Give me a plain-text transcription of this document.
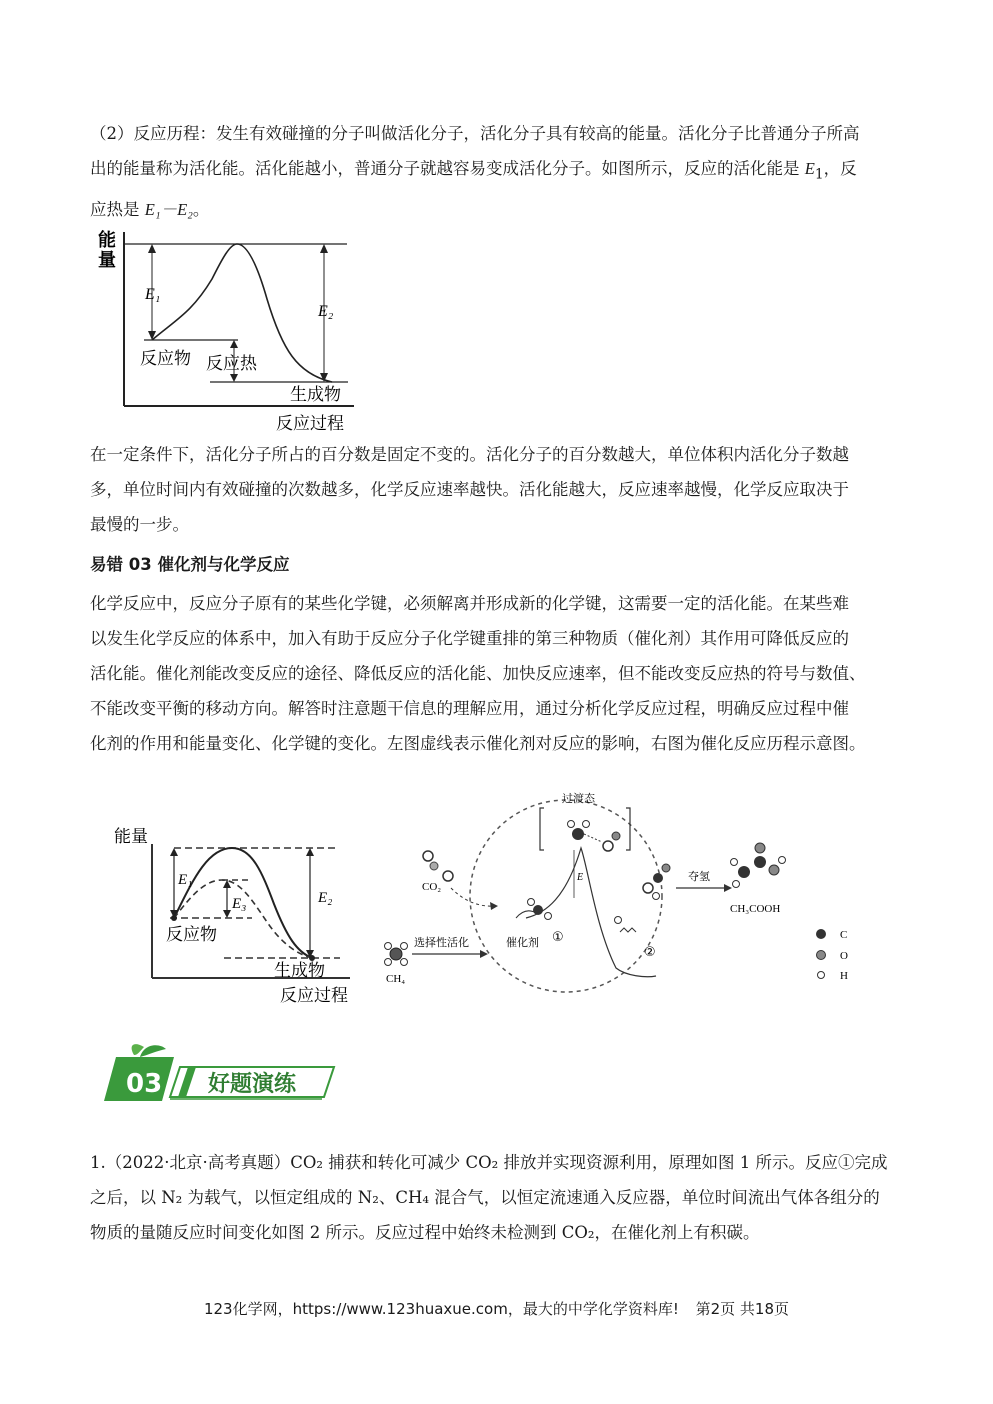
（2）反应历程：发生有效碰撞的分子叫做活化分子，活化分子具有较高的能量。活化分子比普通分子所高

出的能量称为活化能。活化能越小，普通分子就越容易变成活化分子。如图所示，反应的活化能是 $E_1$，反

应热是 E₁－E₂。

能
量
E₁
E₂
反应物 反应热
生成物
反应过程

在一定条件下，活化分子所占的百分数是固定不变的。活化分子的百分数越大，单位体积内活化分子数越

多，单位时间内有效碰撞的次数越多，化学反应速率越快。活化能越大，反应速率越慢，化学反应取决于

最慢的一步。

易错 03 催化剂与化学反应

化学反应中，反应分子原有的某些化学键，必须解离并形成新的化学键，这需要一定的活化能。在某些难

以发生化学反应的体系中，加入有助于反应分子化学键重排的第三种物质（催化剂）其作用可降低反应的

活化能。催化剂能改变反应的途径、降低反应的活化能、加快反应速率，但不能改变反应热的符号与数值、

不能改变平衡的移动方向。解答时注意题干信息的理解应用，通过分析化学反应过程，明确反应过程中催

化剂的作用和能量变化、化学键的变化。左图虚线表示催化剂对反应的影响，右图为催化反应历程示意图。

能量
E₁
E₃	E₂
反应物
生成物
反应过程
CO₂
CH₄
选择性活化
过渡态
E
催化剂 ①
②
夺氢
CH₃COOH
C
O
H
03 好题演练

1.（2022·北京·高考真题）CO₂ 捕获和转化可减少 CO₂ 排放并实现资源利用，原理如图 1 所示。反应①完成

之后，以 N₂ 为载气，以恒定组成的 N₂、CH₄ 混合气，以恒定流速通入反应器，单位时间流出气体各组分的

物质的量随反应时间变化如图 2 所示。反应过程中始终未检测到 CO₂，在催化剂上有积碳。

123化学网，https://www.123huaxue.com，最大的中学化学资料库! 第2页 共18页
